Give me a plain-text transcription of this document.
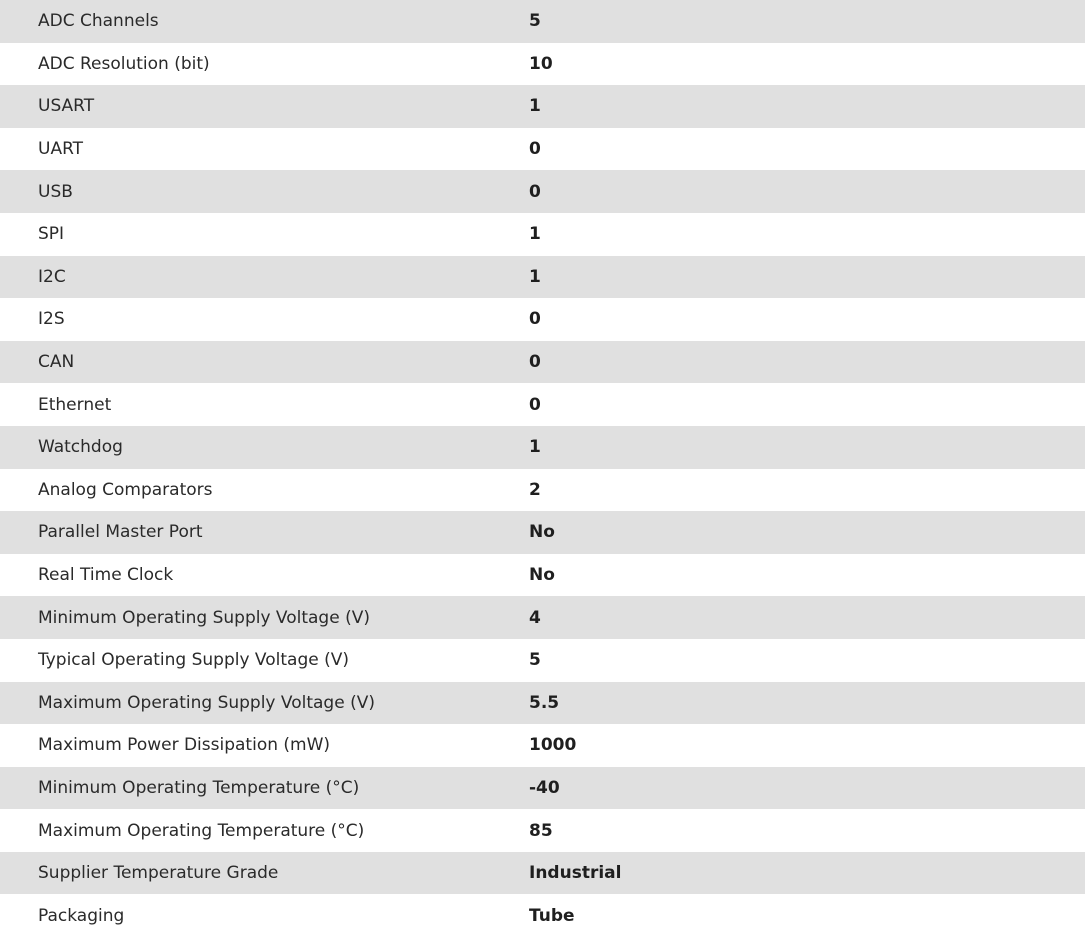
ADC Channels	5
ADC Resolution (bit)	10
USART	1
UART	0
USB	0
SPI	1
I2C	1
I2S	0
CAN	0
Ethernet	0
Watchdog	1
Analog Comparators	2
Parallel Master Port	No
Real Time Clock	No
Minimum Operating Supply Voltage (V)	4
Typical Operating Supply Voltage (V)	5
Maximum Operating Supply Voltage (V)	5.5
Maximum Power Dissipation (mW)	1000
Minimum Operating Temperature (°C)	-40
Maximum Operating Temperature (°C)	85
Supplier Temperature Grade	Industrial
Packaging	Tube
